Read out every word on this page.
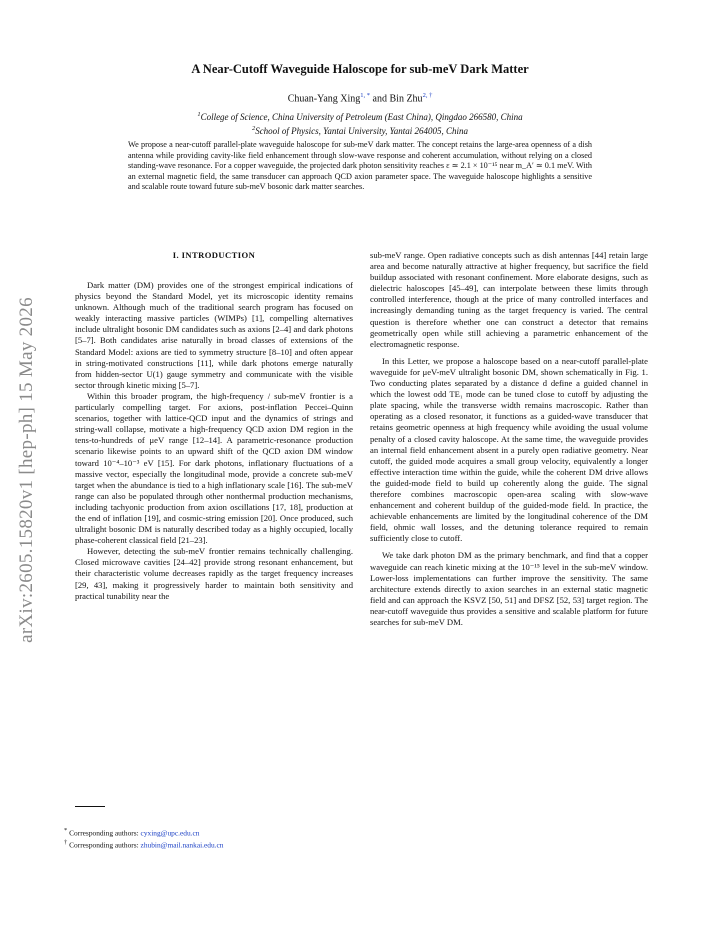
arXiv:2605.15820v1 [hep-ph] 15 May 2026
A Near-Cutoff Waveguide Haloscope for sub-meV Dark Matter
Chuan-Yang Xing$^{1, *}$ and Bin Zhu$^{2, \dagger}$
$^1$College of Science, China University of Petroleum (East China), Qingdao 266580, China
$^2$School of Physics, Yantai University, Yantai 264005, China

We propose a near-cutoff parallel-plate waveguide haloscope for sub-meV dark matter. The concept retains the large-area openness of a dish antenna while providing cavity-like field enhancement through slow-wave response and coherent accumulation, without relying on a closed standing-wave resonance. For a copper waveguide, the projected dark photon sensitivity reaches ε ≃ 2.1 × 10⁻¹⁵ near m_A′ ≃ 0.1 meV. With an external magnetic field, the same transducer can approach QCD axion parameter space. The waveguide haloscope highlights a sensitive and scalable route toward future sub-meV bosonic dark matter searches.

I. INTRODUCTION

Dark matter (DM) provides one of the strongest empirical indications of physics beyond the Standard Model, yet its microscopic identity remains unknown. Although much of the traditional search program has focused on weakly interacting massive particles (WIMPs) [1], compelling alternatives include ultralight bosonic DM candidates such as axions [2–4] and dark photons [5–7]. Both candidates arise naturally in broad classes of extensions of the Standard Model: axions are tied to symmetry structure [8–10] and often appear in string-motivated constructions [11], while dark photons emerge naturally from hidden-sector U(1) gauge symmetry and communicate with the visible sector through kinetic mixing [5–7].

Within this broader program, the high-frequency / sub-meV frontier is a particularly compelling target. For axions, post-inflation Peccei–Quinn scenarios, together with lattice-QCD input and the dynamics of strings and string-wall collapse, motivate a high-frequency QCD axion DM region in the tens-to-hundreds of μeV range [12–14]. A parametric-resonance production scenario likewise points to an upward shift of the QCD axion DM window toward 10⁻⁴–10⁻³ eV [15]. For dark photons, inflationary fluctuations of a massive vector, especially the longitudinal mode, provide a concrete sub-meV target when the abundance is tied to a high inflationary scale [16]. The sub-meV range can also be populated through other nonthermal production mechanisms, including tachyonic production from axion oscillations [17, 18], production at the end of inflation [19], and cosmic-string emission [20]. Once produced, such ultralight bosonic DM is naturally described today as a highly occupied, locally phase-coherent classical field [21–23].

However, detecting the sub-meV frontier remains technically challenging. Closed microwave cavities [24–42] provide strong resonant enhancement, but their characteristic volume decreases rapidly as the target frequency increases [29, 43], making it progressively harder to maintain both sensitivity and practical tunability near the

sub-meV range. Open radiative concepts such as dish antennas [44] retain large area and become naturally attractive at higher frequency, but sacrifice the field buildup associated with resonant confinement. More elaborate designs, such as dielectric haloscopes [45–49], can interpolate between these limits through controlled interference, though at the price of many controlled interfaces and increasingly demanding tuning as the target frequency is varied. The central question is therefore whether one can construct a detector that remains geometrically open while still achieving a parametric enhancement of the electromagnetic response.

In this Letter, we propose a haloscope based on a near-cutoff parallel-plate waveguide for μeV-meV ultralight bosonic DM, shown schematically in Fig. 1. Two conducting plates separated by a distance d define a guided channel in which the lowest odd TE₁ mode can be tuned close to cutoff by adjusting the plate spacing, while the transverse width remains macroscopic. Rather than operating as a closed resonator, it functions as a guided-wave transducer that retains geometric openness at high frequency while avoiding the usual volume penalty of a closed cavity haloscope. At the same time, the waveguide provides an internal field enhancement absent in a purely open radiative geometry. Near cutoff, the guided mode acquires a small group velocity, equivalently a longer effective interaction time within the guide, while the coherent DM drive allows the guided-mode field to build up coherently along the guide. The signal therefore combines macroscopic open-area scaling with slow-wave enhancement and coherent buildup of the guided-mode field. In practice, the achievable enhancements are limited by the longitudinal coherence of the DM field, ohmic wall losses, and the detuning tolerance required to remain sufficiently close to cutoff.

We take dark photon DM as the primary benchmark, and find that a copper waveguide can reach kinetic mixing at the 10⁻¹⁵ level in the sub-meV window. Lower-loss implementations can further improve the sensitivity. The same architecture extends directly to axion searches in an external static magnetic field and can approach the KSVZ [50, 51] and DFSZ [52, 53] target region. The near-cutoff waveguide thus provides a sensitive and scalable platform for future searches for sub-meV DM.

* Corresponding authors: cyxing@upc.edu.cn
† Corresponding authors: zhubin@mail.nankai.edu.cn
